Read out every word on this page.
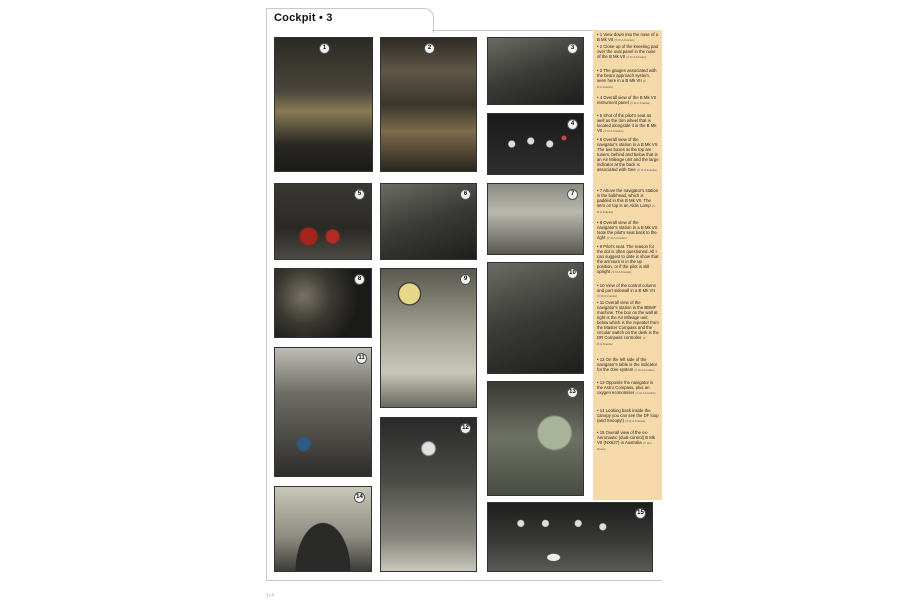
Cockpit • 3
1	2	3
4
5	6	7
8	9
10
11
12
13
14
15
• 1 View down into the nose of a B Mk VII (© R.A.Franks)
• 2 Close-up of the kneeling pad over the oval panel in the nose of the B Mk VII (© R.A.Franks)
• 3 The gauges associated with the beam approach system, seen here in a B Mk VII (© R.A.Franks)
• 4 Overall view of the B Mk VII instrument panel (© R.A.Franks)
• 5 Shot of the pilot's seat as well as the trim wheel that is located alongside it in the B Mk VII (© R.A.Franks)
• 6 Overall view of the navigator's station in a B Mk VII. The two boxes at the top are tuners, behind and below that is an Air Mileage unit and the large indicator at the back is associated with Gee (© R.A.Franks)
• 7 Above the navigator's station is the bulkhead, which is padded in this B Mk VII. The item on top is an Aldis Lamp (© R.A.Franks)
• 8 Overall view of the navigator's station in a B Mk VII. Note the pilot's seat back to the right (© R.A.Franks)
• 9 Pilot's seat. The reason for the dot is often questioned. All I can suggest to date is show that the armours is in the up position, or if the pilot is still upright (© R.A.Franks)
• 10 View of the control column and port sidewall in a B Mk VII (© R.A.Franks)
• 11 Overall view of the navigator's station in the BBMF machine. The box on the wall at right is the Air Mileage unit, below which is the repeater from the Master Compass and the circular switch on the desk is the DR Compass controller (© R.A.Franks)
• 12 On the left side of the navigator's table is the indicator for the Gee system (© R.A.Franks)
• 13 Opposite the navigator is the Astro Compass, plus an oxygen economiser (© R.A.Franks)
• 14 Looking back inside the canopy you can see the DF loop (and Snoopy!) (© R.A.Franks)
• 15 Overall view of the ex-Aeronautic (dual-control) B Mk VII (NX627) in Australia (© Jim Grant)
1 | 4
